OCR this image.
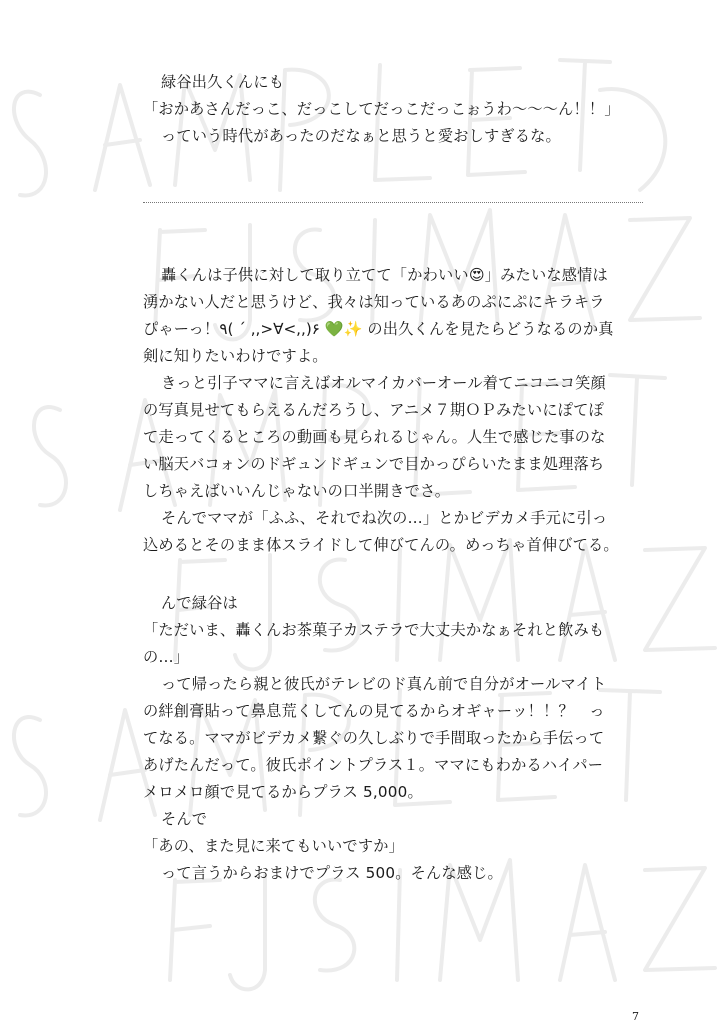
緑谷出久くんにも
「おかあさんだっこ、だっこしてだっこだっこぉうわ〜〜〜ん！！」
っていう時代があったのだなぁと思うと愛おしすぎるな。
轟くんは子供に対して取り立てて「かわいい😍」みたいな感情は
湧かない人だと思うけど、我々は知っているあのぷにぷにキラキラ
ぴゃーっ！٩( ˊ ,,>∀<,,)۶ 💚✨ の出久くんを見たらどうなるのか真
剣に知りたいわけですよ。
きっと引子ママに言えばオルマイカバーオール着てニコニコ笑顔
の写真見せてもらえるんだろうし、アニメ７期ＯＰみたいにぽてぽ
て走ってくるところの動画も見られるじゃん。人生で感じた事のな
い脳天バコォンのドギュンドギュンで目かっぴらいたまま処理落ち
しちゃえばいいんじゃないの口半開きでさ。
そんでママが「ふふ、それでね次の…」とかビデカメ手元に引っ
込めるとそのまま体スライドして伸びてんの。めっちゃ首伸びてる。
んで緑谷は
「ただいま、轟くんお茶菓子カステラで大丈夫かなぁそれと飲みも
の…」
って帰ったら親と彼氏がテレビのド真ん前で自分がオールマイト
の絆創膏貼って鼻息荒くしてんの見てるからオギャーッ！！？　っ
てなる。ママがビデカメ繋ぐの久しぶりで手間取ったから手伝って
あげたんだって。彼氏ポイントプラス１。ママにもわかるハイパー
メロメロ顔で見てるからプラス 5,000。
そんで
「あの、また見に来てもいいですか」
って言うからおまけでプラス 500。そんな感じ。
7
